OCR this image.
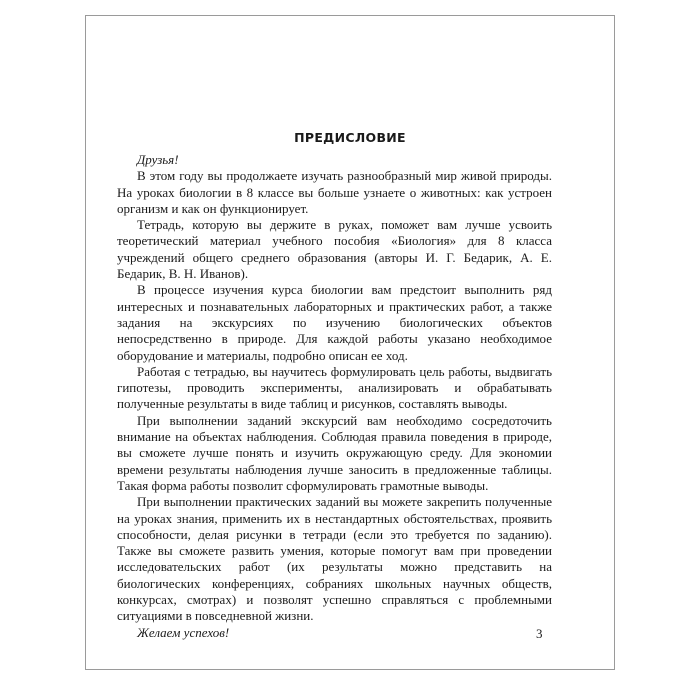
ПРЕДИСЛОВИЕ

Друзья!

В этом году вы продолжаете изучать разнообразный мир живой природы. На уроках биологии в 8 классе вы больше узнаете о животных: как устроен организм и как он функционирует.

Тетрадь, которую вы держите в руках, поможет вам лучше усвоить теоретический материал учебного пособия «Биология» для 8 класса учреждений общего среднего образования (авторы И. Г. Бедарик, А. Е. Бедарик, В. Н. Иванов).

В процессе изучения курса биологии вам предстоит выполнить ряд интересных и познавательных лабораторных и практических работ, а также задания на экскурсиях по изучению биологических объектов непосредственно в природе. Для каждой работы указано необходимое оборудование и материалы, подробно описан ее ход.

Работая с тетрадью, вы научитесь формулировать цель работы, выдвигать гипотезы, проводить эксперименты, анализировать и обрабатывать полученные результаты в виде таблиц и рисунков, составлять выводы.

При выполнении заданий экскурсий вам необходимо сосредоточить внимание на объектах наблюдения. Соблюдая правила поведения в природе, вы сможете лучше понять и изучить окружающую среду. Для экономии времени результаты наблюдения лучше заносить в предложенные таблицы. Такая форма работы позволит сформулировать грамотные выводы.

При выполнении практических заданий вы можете закрепить полученные на уроках знания, применить их в нестандартных обстоятельствах, проявить способности, делая рисунки в тетради (если это требуется по заданию). Также вы сможете развить умения, которые помогут вам при проведении исследовательских работ (их результаты можно представить на биологических конференциях, собраниях школьных научных обществ, конкурсах, смотрах) и позволят успешно справляться с проблемными ситуациями в повседневной жизни.

Желаем успехов!	3
